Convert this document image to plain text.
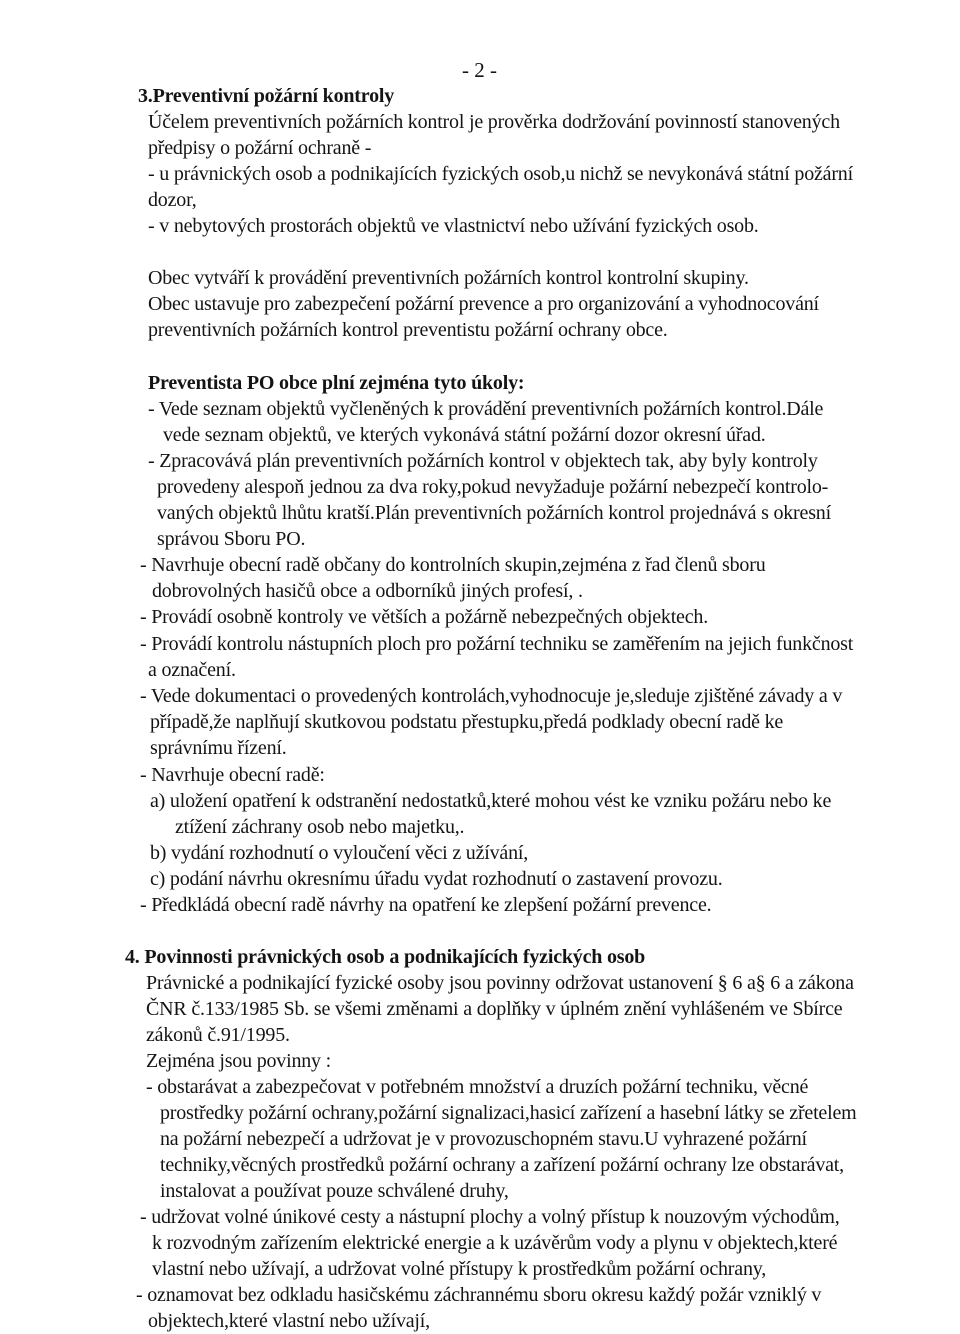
- 2 -
3.Preventivní požární kontroly
Účelem preventivních požárních kontrol je prověrka dodržování povinností stanovených
předpisy o požární ochraně -
- u právnických osob a podnikajících fyzických osob,u nichž se nevykonává státní požární
dozor,
- v nebytových prostorách objektů ve vlastnictví nebo užívání fyzických osob.
Obec vytváří k provádění preventivních požárních kontrol kontrolní skupiny.
Obec ustavuje pro zabezpečení požární prevence a pro organizování a vyhodnocování
preventivních požárních kontrol preventistu požární ochrany obce.
Preventista PO obce plní zejména tyto úkoly:
- Vede seznam objektů vyčleněných k provádění preventivních požárních kontrol.Dále
vede seznam objektů, ve kterých vykonává státní požární dozor okresní úřad.
- Zpracovává plán preventivních požárních kontrol v objektech tak, aby byly kontroly
provedeny alespoň jednou za dva roky,pokud nevyžaduje požární nebezpečí kontrolo-
vaných objektů lhůtu kratší.Plán preventivních požárních kontrol projednává s okresní
správou Sboru PO.
- Navrhuje obecní radě občany do kontrolních skupin,zejména z řad členů sboru
dobrovolných hasičů obce a odborníků jiných profesí, .
- Provádí osobně kontroly ve větších a požárně nebezpečných objektech.
- Provádí kontrolu nástupních ploch pro požární techniku se zaměřením na jejich funkčnost
a označení.
- Vede dokumentaci o provedených kontrolách,vyhodnocuje je,sleduje zjištěné závady a v
případě,že naplňují skutkovou podstatu přestupku,předá podklady obecní radě ke
správnímu řízení.
- Navrhuje obecní radě:
a) uložení opatření k odstranění nedostatků,které mohou vést ke vzniku požáru nebo ke
ztížení záchrany osob nebo majetku,.
b) vydání rozhodnutí o vyloučení věci z užívání,
c) podání návrhu okresnímu úřadu vydat rozhodnutí o zastavení provozu.
- Předkládá obecní radě návrhy na opatření ke zlepšení požární prevence.
4. Povinnosti právnických osob a podnikajících fyzických osob
Právnické a podnikající fyzické osoby jsou povinny održovat ustanovení § 6 a§ 6 a zákona
ČNR č.133/1985 Sb. se všemi změnami a doplňky v úplném znění vyhlášeném ve Sbírce
zákonů č.91/1995.
Zejména jsou povinny :
- obstarávat a zabezpečovat v potřebném množství a druzích požární techniku, věcné
prostředky požární ochrany,požární signalizaci,hasicí zařízení a hasební látky se zřetelem
na požární nebezpečí a udržovat je v provozuschopném stavu.U vyhrazené požární
techniky,věcných prostředků požární ochrany a zařízení požární ochrany lze obstarávat,
instalovat a používat pouze schválené druhy,
- udržovat volné únikové cesty a nástupní plochy a volný přístup k nouzovým východům,
k rozvodným zařízením elektrické energie a k uzávěrům vody a plynu v objektech,které
vlastní nebo užívají, a udržovat volné přístupy k prostředkům požární ochrany,
- oznamovat bez odkladu hasičskému záchrannému sboru okresu každý požár vzniklý v
objektech,které vlastní nebo užívají,
